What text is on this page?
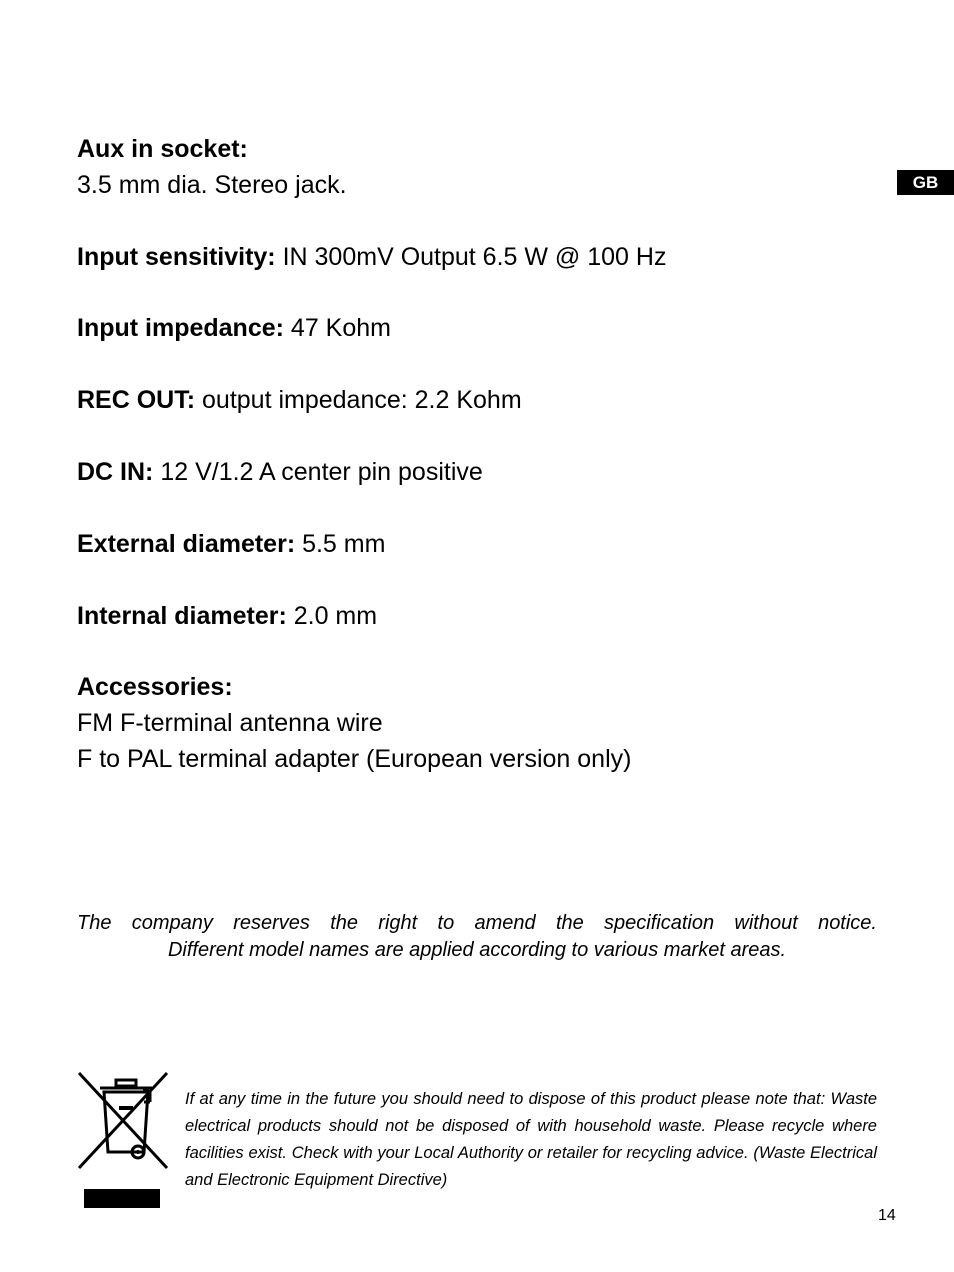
GB
Aux in socket:
3.5 mm dia. Stereo jack.
Input sensitivity: IN 300mV Output 6.5 W @ 100 Hz
Input impedance: 47 Kohm
REC OUT: output impedance: 2.2 Kohm
DC IN: 12 V/1.2 A center pin positive
External diameter: 5.5 mm
Internal diameter: 2.0 mm
Accessories:
FM F-terminal antenna wire
F to PAL terminal adapter (European version only)
The company reserves the right to amend the specification without notice.
Different model names are applied according to various market areas.
If at any time in the future you should need to dispose of this product please note that: Waste electrical products should not be disposed of with household waste. Please recycle where facilities exist. Check with your Local Authority or retailer for recycling advice. (Waste Electrical and Electronic Equipment Directive)
14
